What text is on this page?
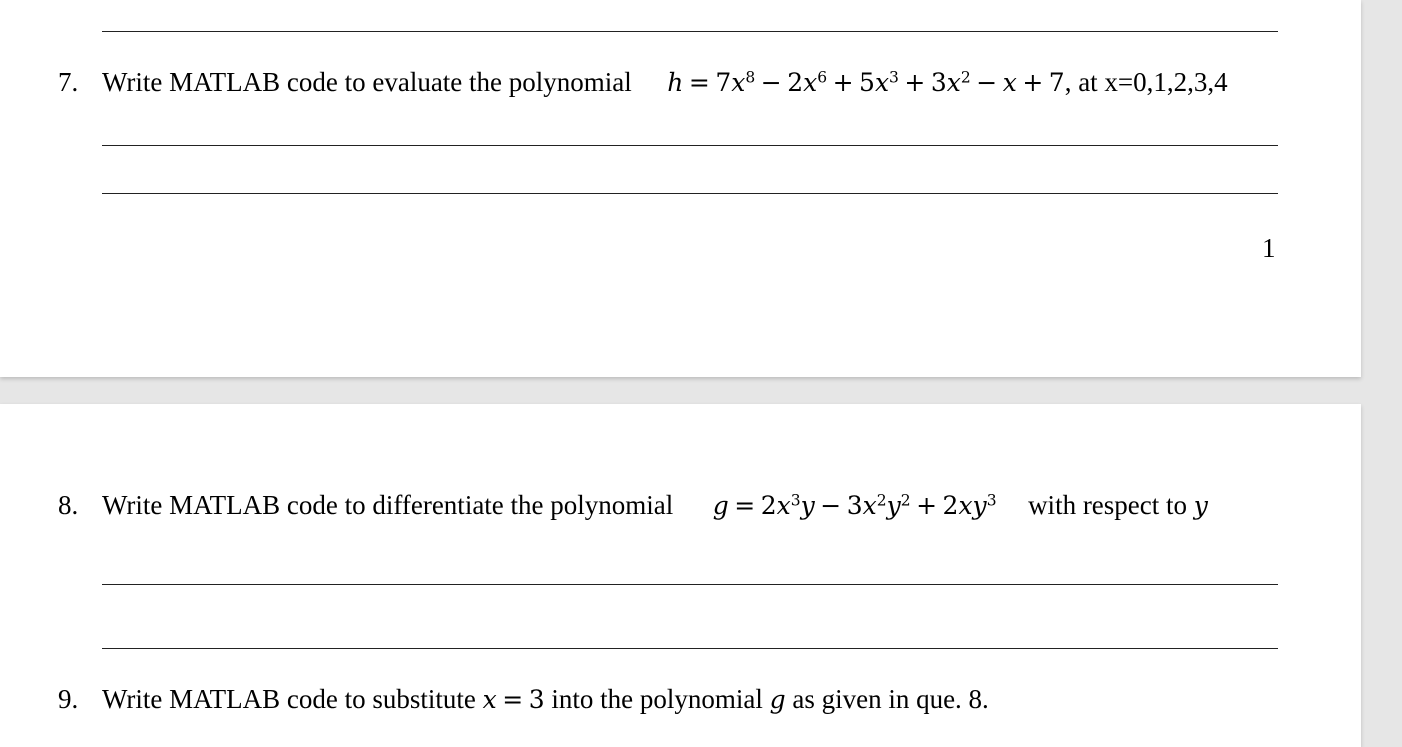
7. Write MATLAB code to evaluate the polynomial $h = 7x^8 - 2x^6 + 5x^3 + 3x^2 - x + 7$, at x=0,1,2,3,4
1
8. Write MATLAB code to differentiate the polynomial $g = 2x^3y - 3x^2y^2 + 2xy^3$ with respect to y
9. Write MATLAB code to substitute x = 3 into the polynomial g as given in que. 8.
